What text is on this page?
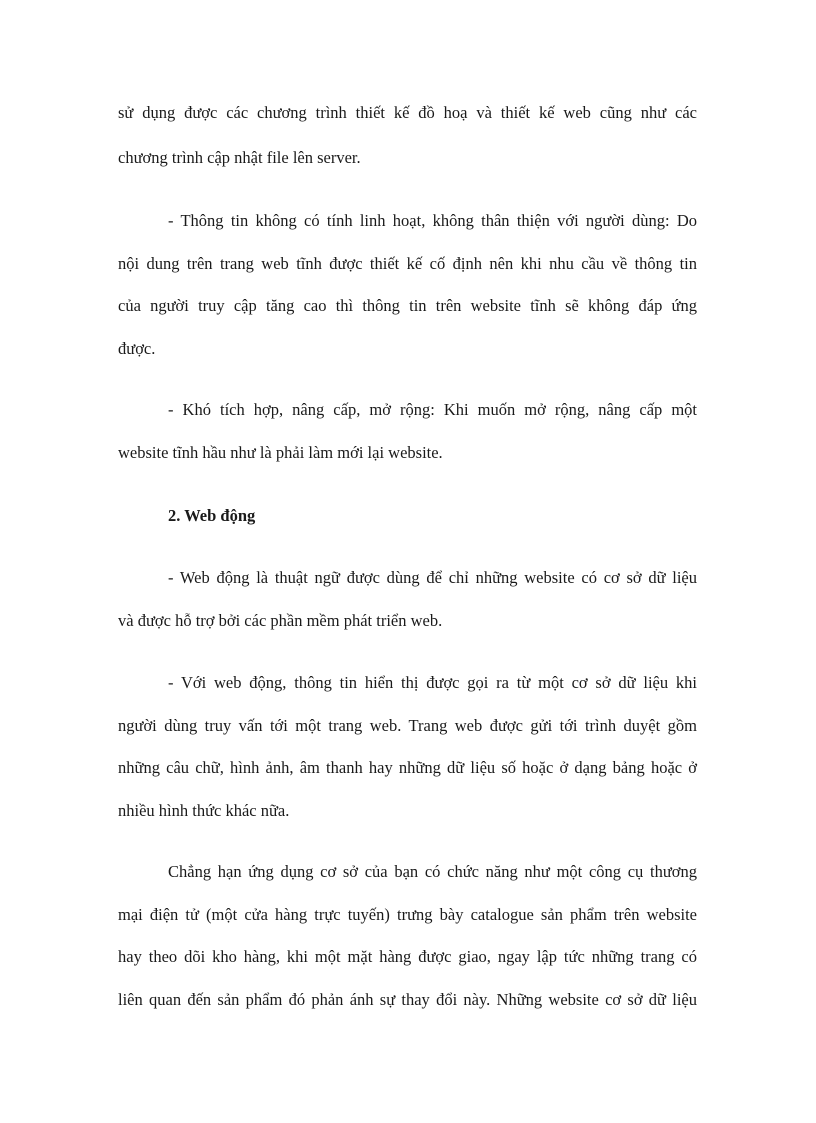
sử dụng được các chương trình thiết kế đồ hoạ và thiết kế web cũng như các
chương trình cập nhật file lên server.
- Thông tin không có tính linh hoạt, không thân thiện với người dùng: Do
nội dung trên trang web tĩnh được thiết kế cố định nên khi nhu cầu về thông tin
của người truy cập tăng cao thì thông tin trên website tĩnh sẽ không đáp ứng
được.
- Khó tích hợp, nâng cấp, mở rộng: Khi muốn mở rộng, nâng cấp một
website tĩnh hầu như là phải làm mới lại website.
2. Web động
- Web động là thuật ngữ được dùng để chỉ những website có cơ sở dữ liệu
và được hỗ trợ bởi các phần mềm phát triển web.
- Với web động, thông tin hiển thị được gọi ra từ một cơ sở dữ liệu khi
người dùng truy vấn tới một trang web. Trang web được gửi tới trình duyệt gồm
những câu chữ, hình ảnh, âm thanh hay những dữ liệu số hoặc ở dạng bảng hoặc ở
nhiều hình thức khác nữa.
Chẳng hạn ứng dụng cơ sở của bạn có chức năng như một công cụ thương
mại điện tử (một cửa hàng trực tuyến) trưng bày catalogue sản phẩm trên website
hay theo dõi kho hàng, khi một mặt hàng được giao, ngay lập tức những trang có
liên quan đến sản phẩm đó phản ánh sự thay đổi này. Những website cơ sở dữ liệu
